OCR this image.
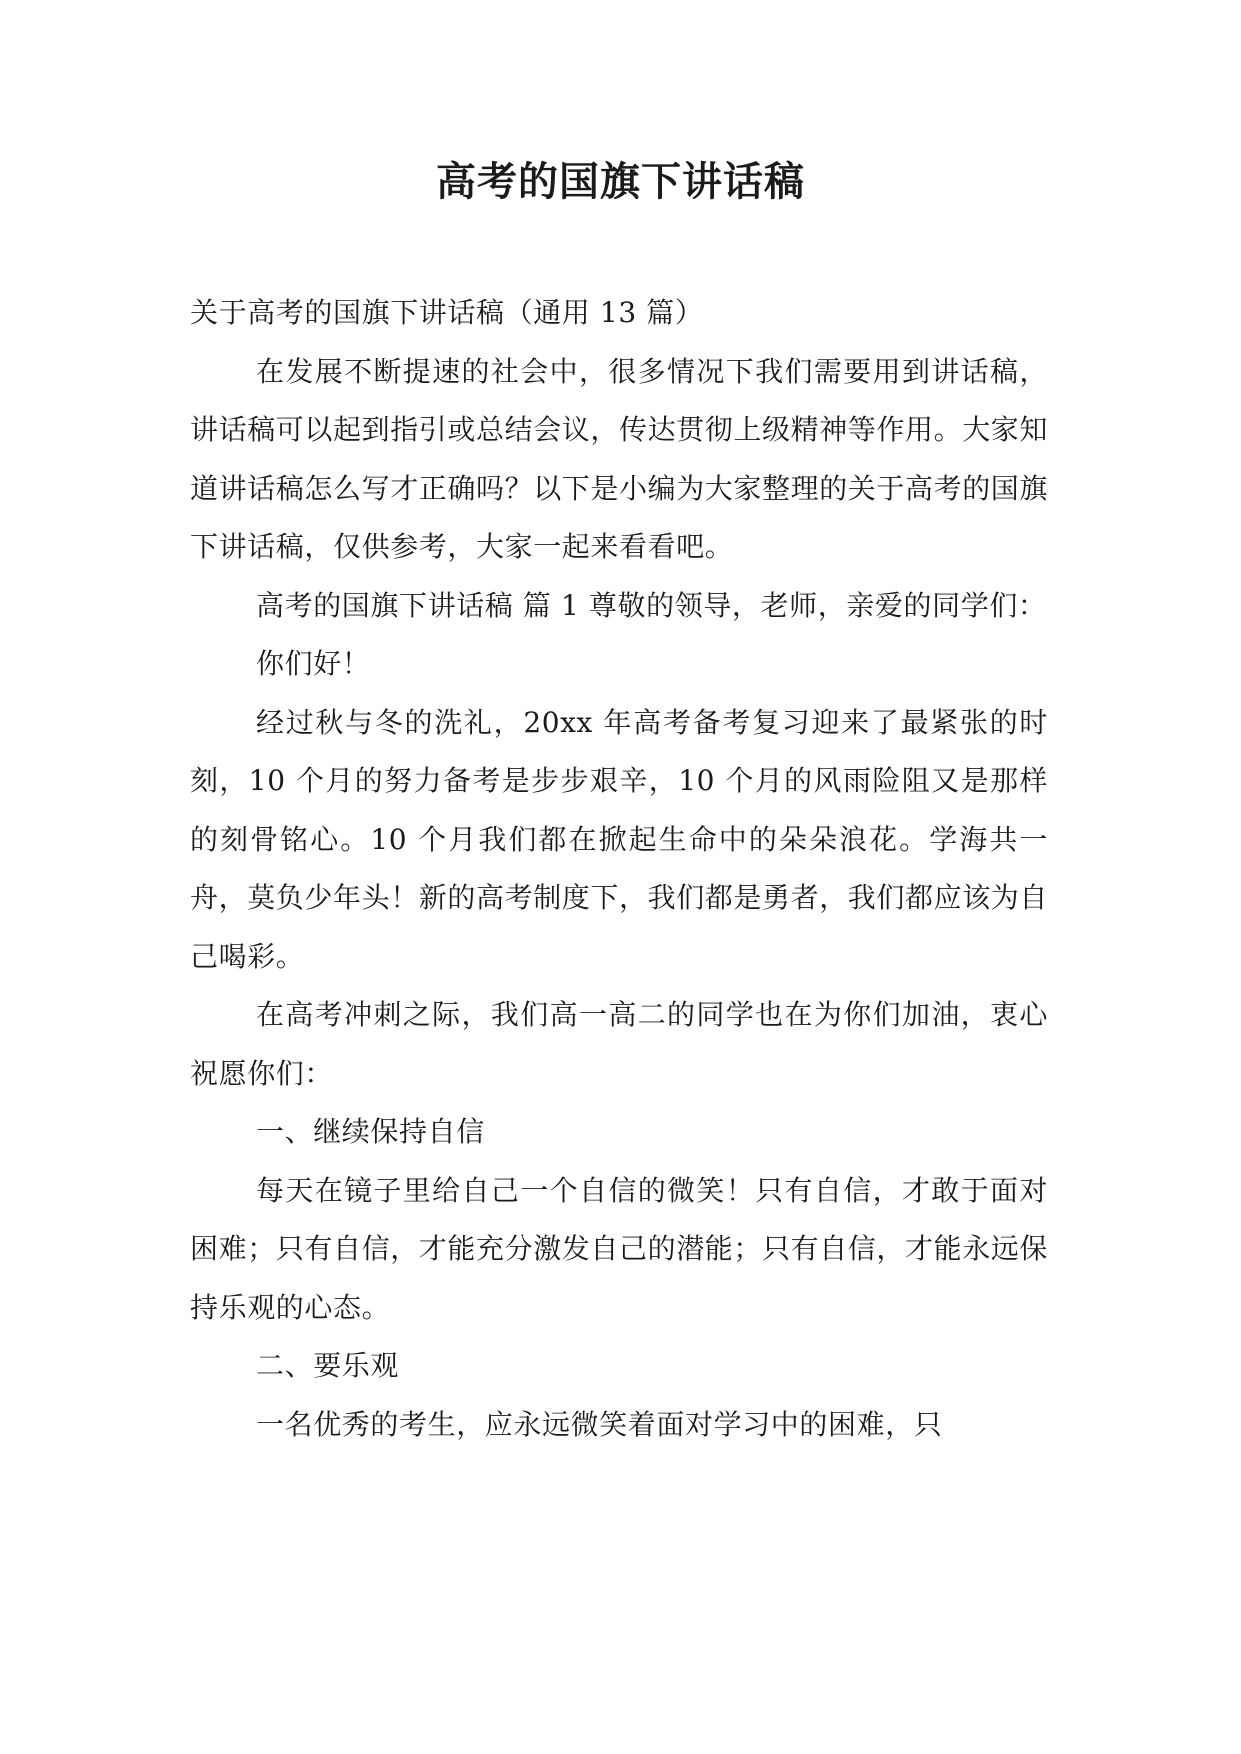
高考的国旗下讲话稿

关于高考的国旗下讲话稿（通用 13 篇）

在发展不断提速的社会中，很多情况下我们需要用到讲话稿，讲话稿可以起到指引或总结会议，传达贯彻上级精神等作用。大家知道讲话稿怎么写才正确吗？以下是小编为大家整理的关于高考的国旗下讲话稿，仅供参考，大家一起来看看吧。

高考的国旗下讲话稿 篇 1 尊敬的领导，老师，亲爱的同学们：

你们好！

经过秋与冬的洗礼，20xx 年高考备考复习迎来了最紧张的时刻，10 个月的努力备考是步步艰辛，10 个月的风雨险阻又是那样的刻骨铭心。10 个月我们都在掀起生命中的朵朵浪花。学海共一舟，莫负少年头！新的高考制度下，我们都是勇者，我们都应该为自己喝彩。

在高考冲刺之际，我们高一高二的同学也在为你们加油，衷心祝愿你们：

一、继续保持自信

每天在镜子里给自己一个自信的微笑！只有自信，才敢于面对困难；只有自信，才能充分激发自己的潜能；只有自信，才能永远保持乐观的心态。

二、要乐观

一名优秀的考生，应永远微笑着面对学习中的困难，只
